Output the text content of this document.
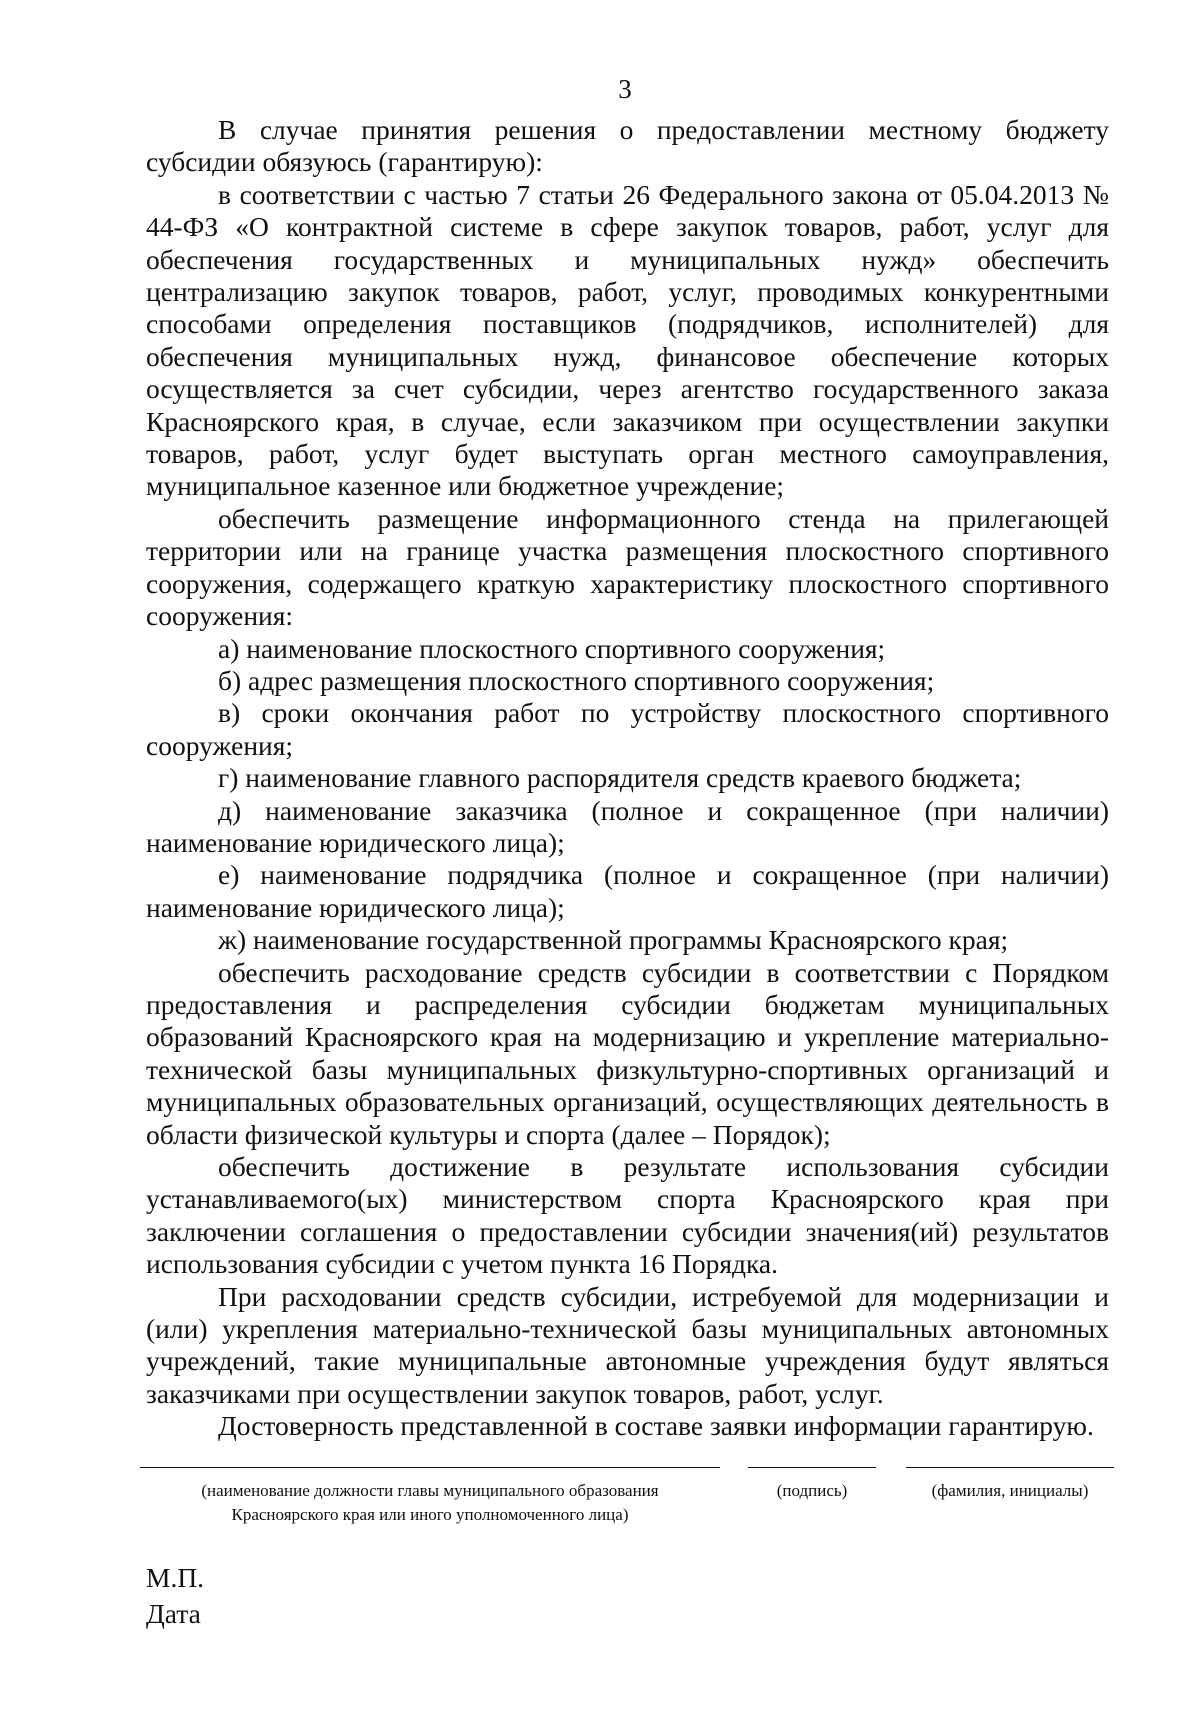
3

В случае принятия решения о предоставлении местному бюджету субсидии обязуюсь (гарантирую):

в соответствии с частью 7 статьи 26 Федерального закона от 05.04.2013 № 44-ФЗ «О контрактной системе в сфере закупок товаров, работ, услуг для обеспечения государственных и муниципальных нужд» обеспечить централизацию закупок товаров, работ, услуг, проводимых конкурентными способами определения поставщиков (подрядчиков, исполнителей) для обеспечения муниципальных нужд, финансовое обеспечение которых осуществляется за счет субсидии, через агентство государственного заказа Красноярского края, в случае, если заказчиком при осуществлении закупки товаров, работ, услуг будет выступать орган местного самоуправления, муниципальное казенное или бюджетное учреждение;

обеспечить размещение информационного стенда на прилегающей территории или на границе участка размещения плоскостного спортивного сооружения, содержащего краткую характеристику плоскостного спортивного сооружения:

а) наименование плоскостного спортивного сооружения;

б) адрес размещения плоскостного спортивного сооружения;

в) сроки окончания работ по устройству плоскостного спортивного сооружения;

г) наименование главного распорядителя средств краевого бюджета;

д) наименование заказчика (полное и сокращенное (при наличии) наименование юридического лица);

е) наименование подрядчика (полное и сокращенное (при наличии) наименование юридического лица);

ж) наименование государственной программы Красноярского края;

обеспечить расходование средств субсидии в соответствии с Порядком предоставления и распределения субсидии бюджетам муниципальных образований Красноярского края на модернизацию и укрепление материально-технической базы муниципальных физкультурно-спортивных организаций и муниципальных образовательных организаций, осуществляющих деятельность в области физической культуры и спорта (далее – Порядок);

обеспечить достижение в результате использования субсидии устанавливаемого(ых) министерством спорта Красноярского края при заключении соглашения о предоставлении субсидии значения(ий) результатов использования субсидии с учетом пункта 16 Порядка.

При расходовании средств субсидии, истребуемой для модернизации и (или) укрепления материально-технической базы муниципальных автономных учреждений, такие муниципальные автономные учреждения будут являться заказчиками при осуществлении закупок товаров, работ, услуг.

Достоверность представленной в составе заявки информации гарантирую.

(наименование должности главы муниципального образования
Красноярского края или иного уполномоченного лица)
(подпись)	(фамилия, инициалы)
М.П.
Дата
